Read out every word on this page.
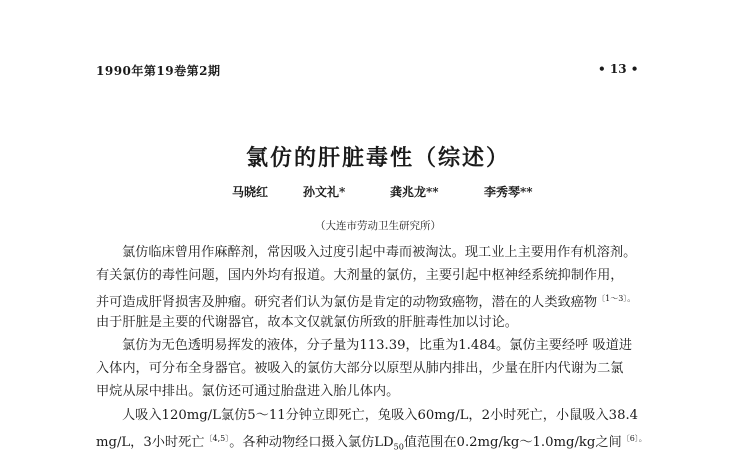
1990年第19卷第2期	• 13 •
氯仿的肝脏毒性（综述）
马晓红	孙文礼*	龚兆龙**	李秀琴**
（大连市劳动卫生研究所）
氯仿临床曾用作麻醉剂，常因吸入过度引起中毒而被淘汰。现工业上主要用作有机溶剂。
有关氯仿的毒性问题，国内外均有报道。大剂量的氯仿，主要引起中枢神经系统抑制作用，
并可造成肝肾损害及肿瘤。研究者们认为氯仿是肯定的动物致癌物，潜在的人类致癌物$^{〔1\sim 3〕。}$
由于肝脏是主要的代谢器官，故本文仅就氯仿所致的肝脏毒性加以讨论。
氯仿为无色透明易挥发的液体，分子量为113.39，比重为1.484。氯仿主要经呼 吸道进
入体内，可分布全身器官。被吸入的氯仿大部分以原型从肺内排出，少量在肝内代谢为二氯
甲烷从尿中排出。氯仿还可通过胎盘进入胎儿体内。
人吸入120mg/L氯仿5～11分钟立即死亡，兔吸入60mg/L，2小时死亡，小鼠吸入38.4
mg/L，3小时死亡$^{〔4,5〕}$。各种动物经口摄入氯仿$LD_{50}$值范围在0.2mg/kg～1.0mg/kg之间$^{〔6〕。}$
